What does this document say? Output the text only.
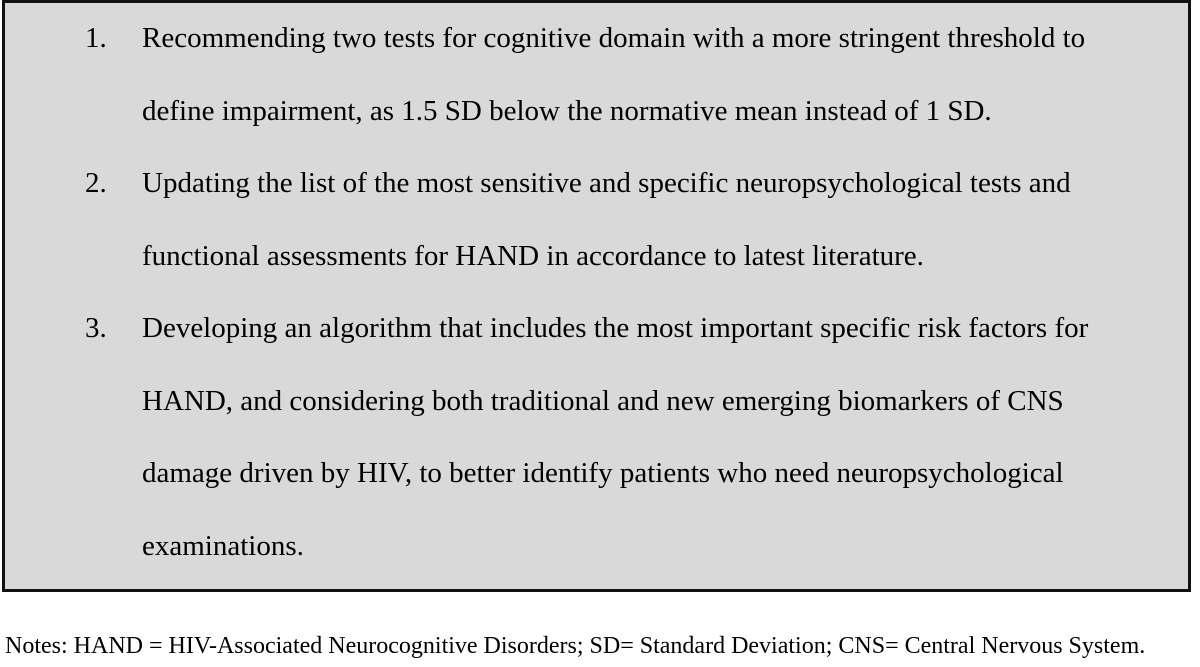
1. Recommending two tests for cognitive domain with a more stringent threshold to
define impairment, as 1.5 SD below the normative mean instead of 1 SD.
2. Updating the list of the most sensitive and specific neuropsychological tests and
functional assessments for HAND in accordance to latest literature.
3. Developing an algorithm that includes the most important specific risk factors for
HAND, and considering both traditional and new emerging biomarkers of CNS
damage driven by HIV, to better identify patients who need neuropsychological
examinations.
Notes: HAND = HIV-Associated Neurocognitive Disorders; SD= Standard Deviation; CNS= Central Nervous System.
